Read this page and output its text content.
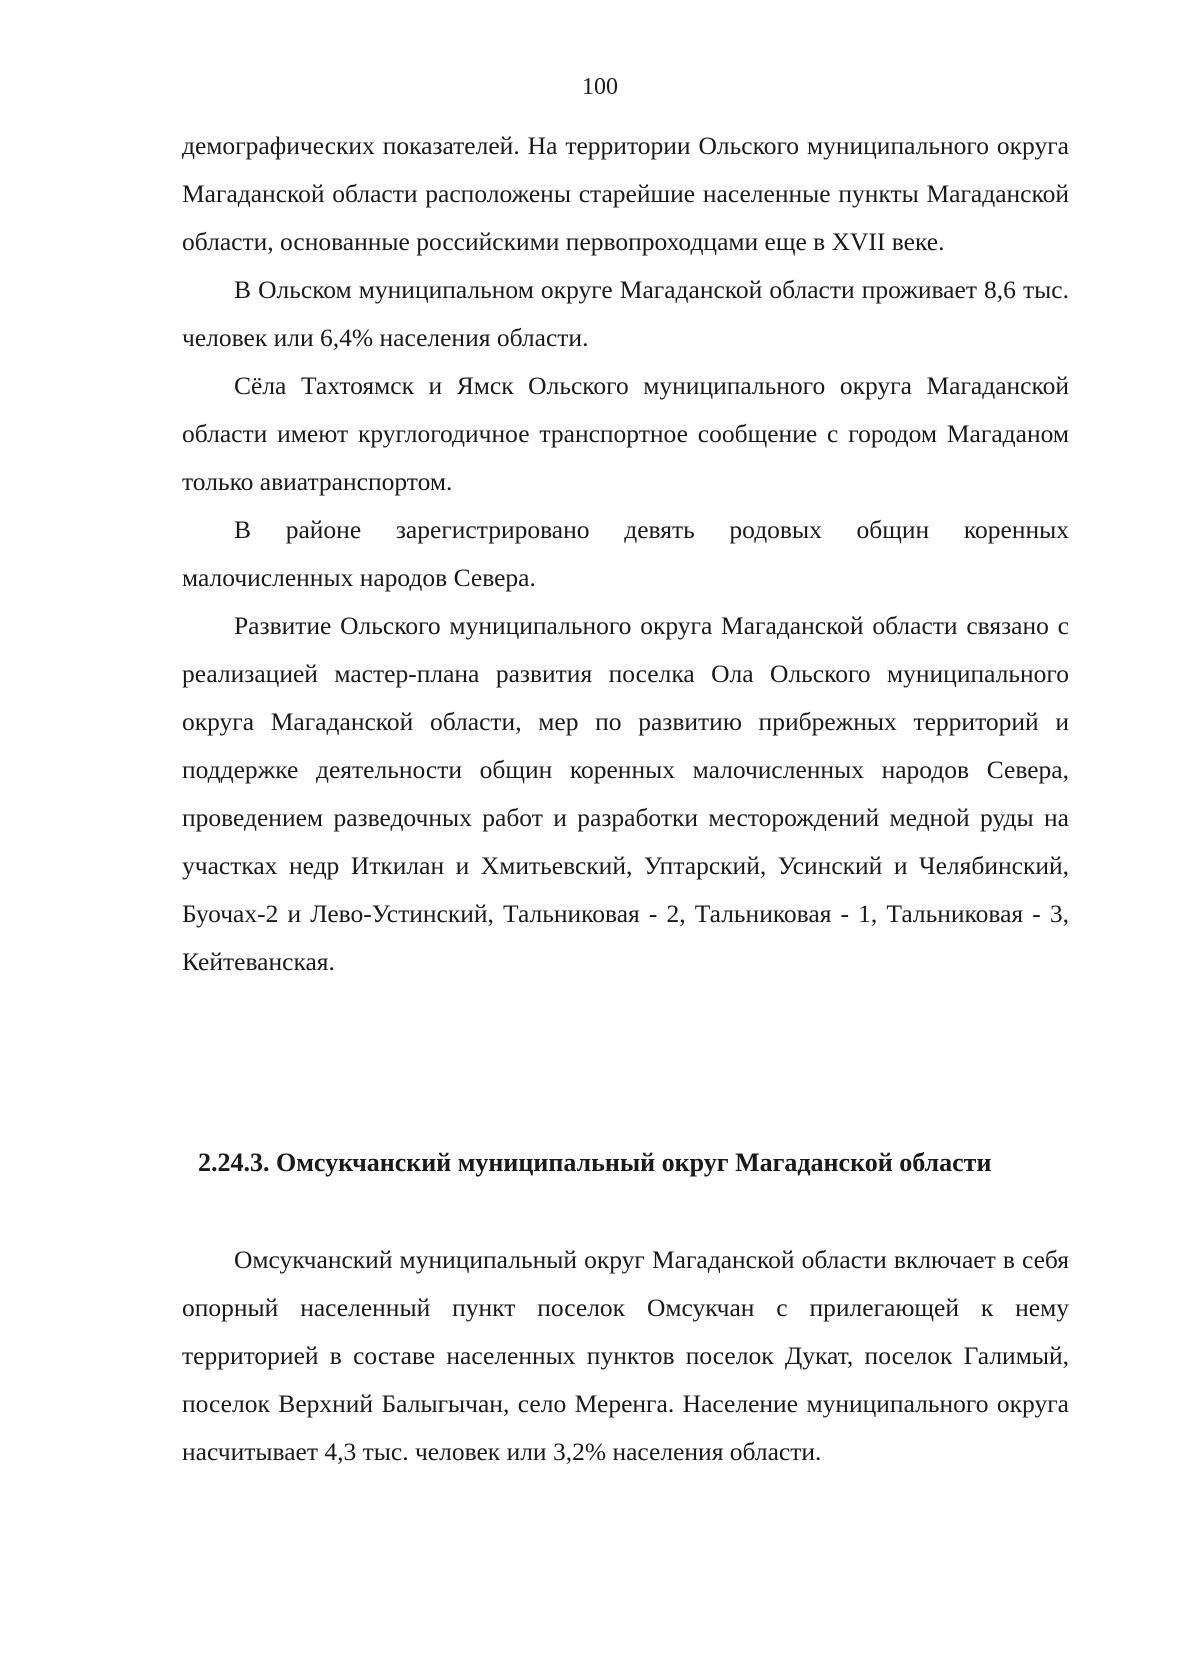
100

демографических показателей. На территории Ольского муниципального округа Магаданской области расположены старейшие населенные пункты Магаданской области, основанные российскими первопроходцами еще в XVII веке.

В Ольском муниципальном округе Магаданской области проживает 8,6 тыс. человек или 6,4% населения области.

Сёла Тахтоямск и Ямск Ольского муниципального округа Магаданской области имеют круглогодичное транспортное сообщение с городом Магаданом только авиатранспортом.

В районе зарегистрировано девять родовых общин коренных малочисленных народов Севера.

Развитие Ольского муниципального округа Магаданской области связано с реализацией мастер-плана развития поселка Ола Ольского муниципального округа Магаданской области, мер по развитию прибрежных территорий и поддержке деятельности общин коренных малочисленных народов Севера, проведением разведочных работ и разработки месторождений медной руды на участках недр Иткилан и Хмитьевский, Уптарский, Усинский и Челябинский, Буочах-2 и Лево-Устинский, Тальниковая - 2, Тальниковая - 1, Тальниковая - 3, Кейтеванская.

2.24.3. Омсукчанский муниципальный округ Магаданской области

Омсукчанский муниципальный округ Магаданской области включает в себя опорный населенный пункт поселок Омсукчан с прилегающей к нему территорией в составе населенных пунктов поселок Дукат, поселок Галимый, поселок Верхний Балыгычан, село Меренга. Население муниципального округа насчитывает 4,3 тыс. человек или 3,2% населения области.
